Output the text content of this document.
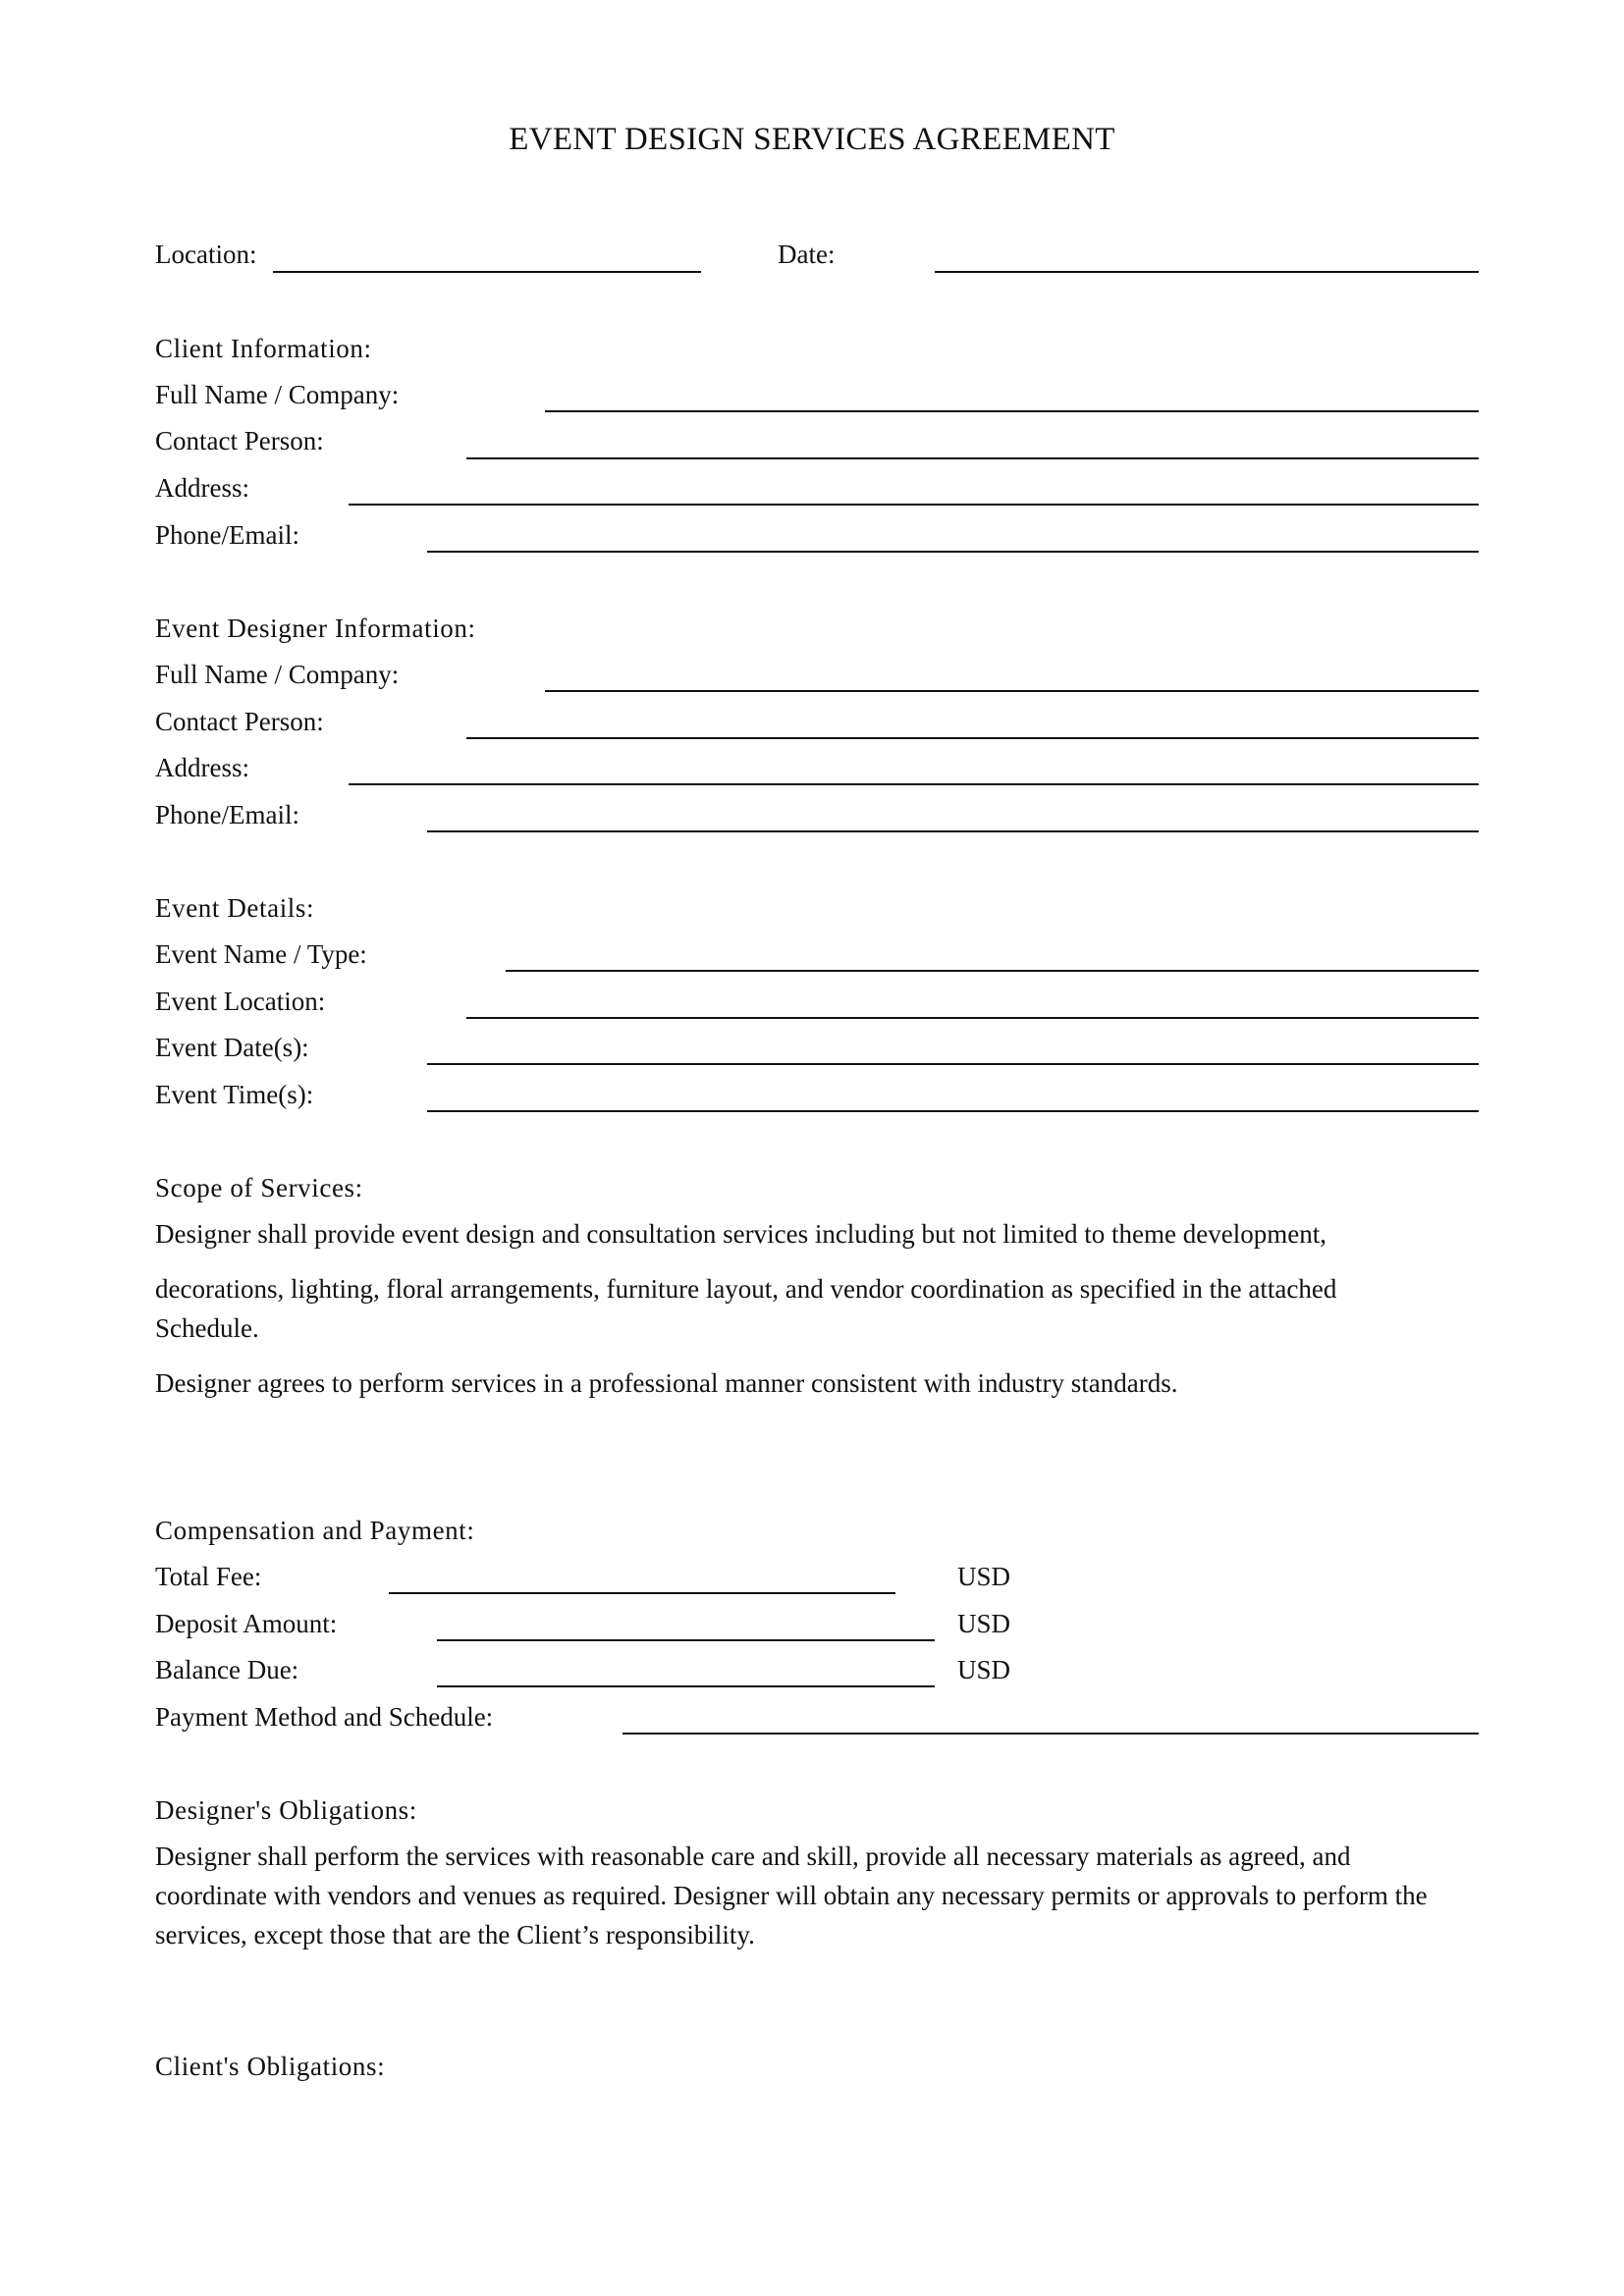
EVENT DESIGN SERVICES AGREEMENT
Location:	Date:
Client Information:
Full Name / Company:
Contact Person:
Address:
Phone/Email:
Event Designer Information:
Full Name / Company:
Contact Person:
Address:
Phone/Email:
Event Details:
Event Name / Type:
Event Location:
Event Date(s):
Event Time(s):
Scope of Services:
Designer shall provide event design and consultation services including but not limited to theme development,
decorations, lighting, floral arrangements, furniture layout, and vendor coordination as specified in the attached
Schedule.
Designer agrees to perform services in a professional manner consistent with industry standards.
Compensation and Payment:
Total Fee:	USD
Deposit Amount:	USD
Balance Due:	USD
Payment Method and Schedule:
Designer's Obligations:
Designer shall perform the services with reasonable care and skill, provide all necessary materials as agreed, and
coordinate with vendors and venues as required. Designer will obtain any necessary permits or approvals to perform the
services, except those that are the Client’s responsibility.
Client's Obligations:
